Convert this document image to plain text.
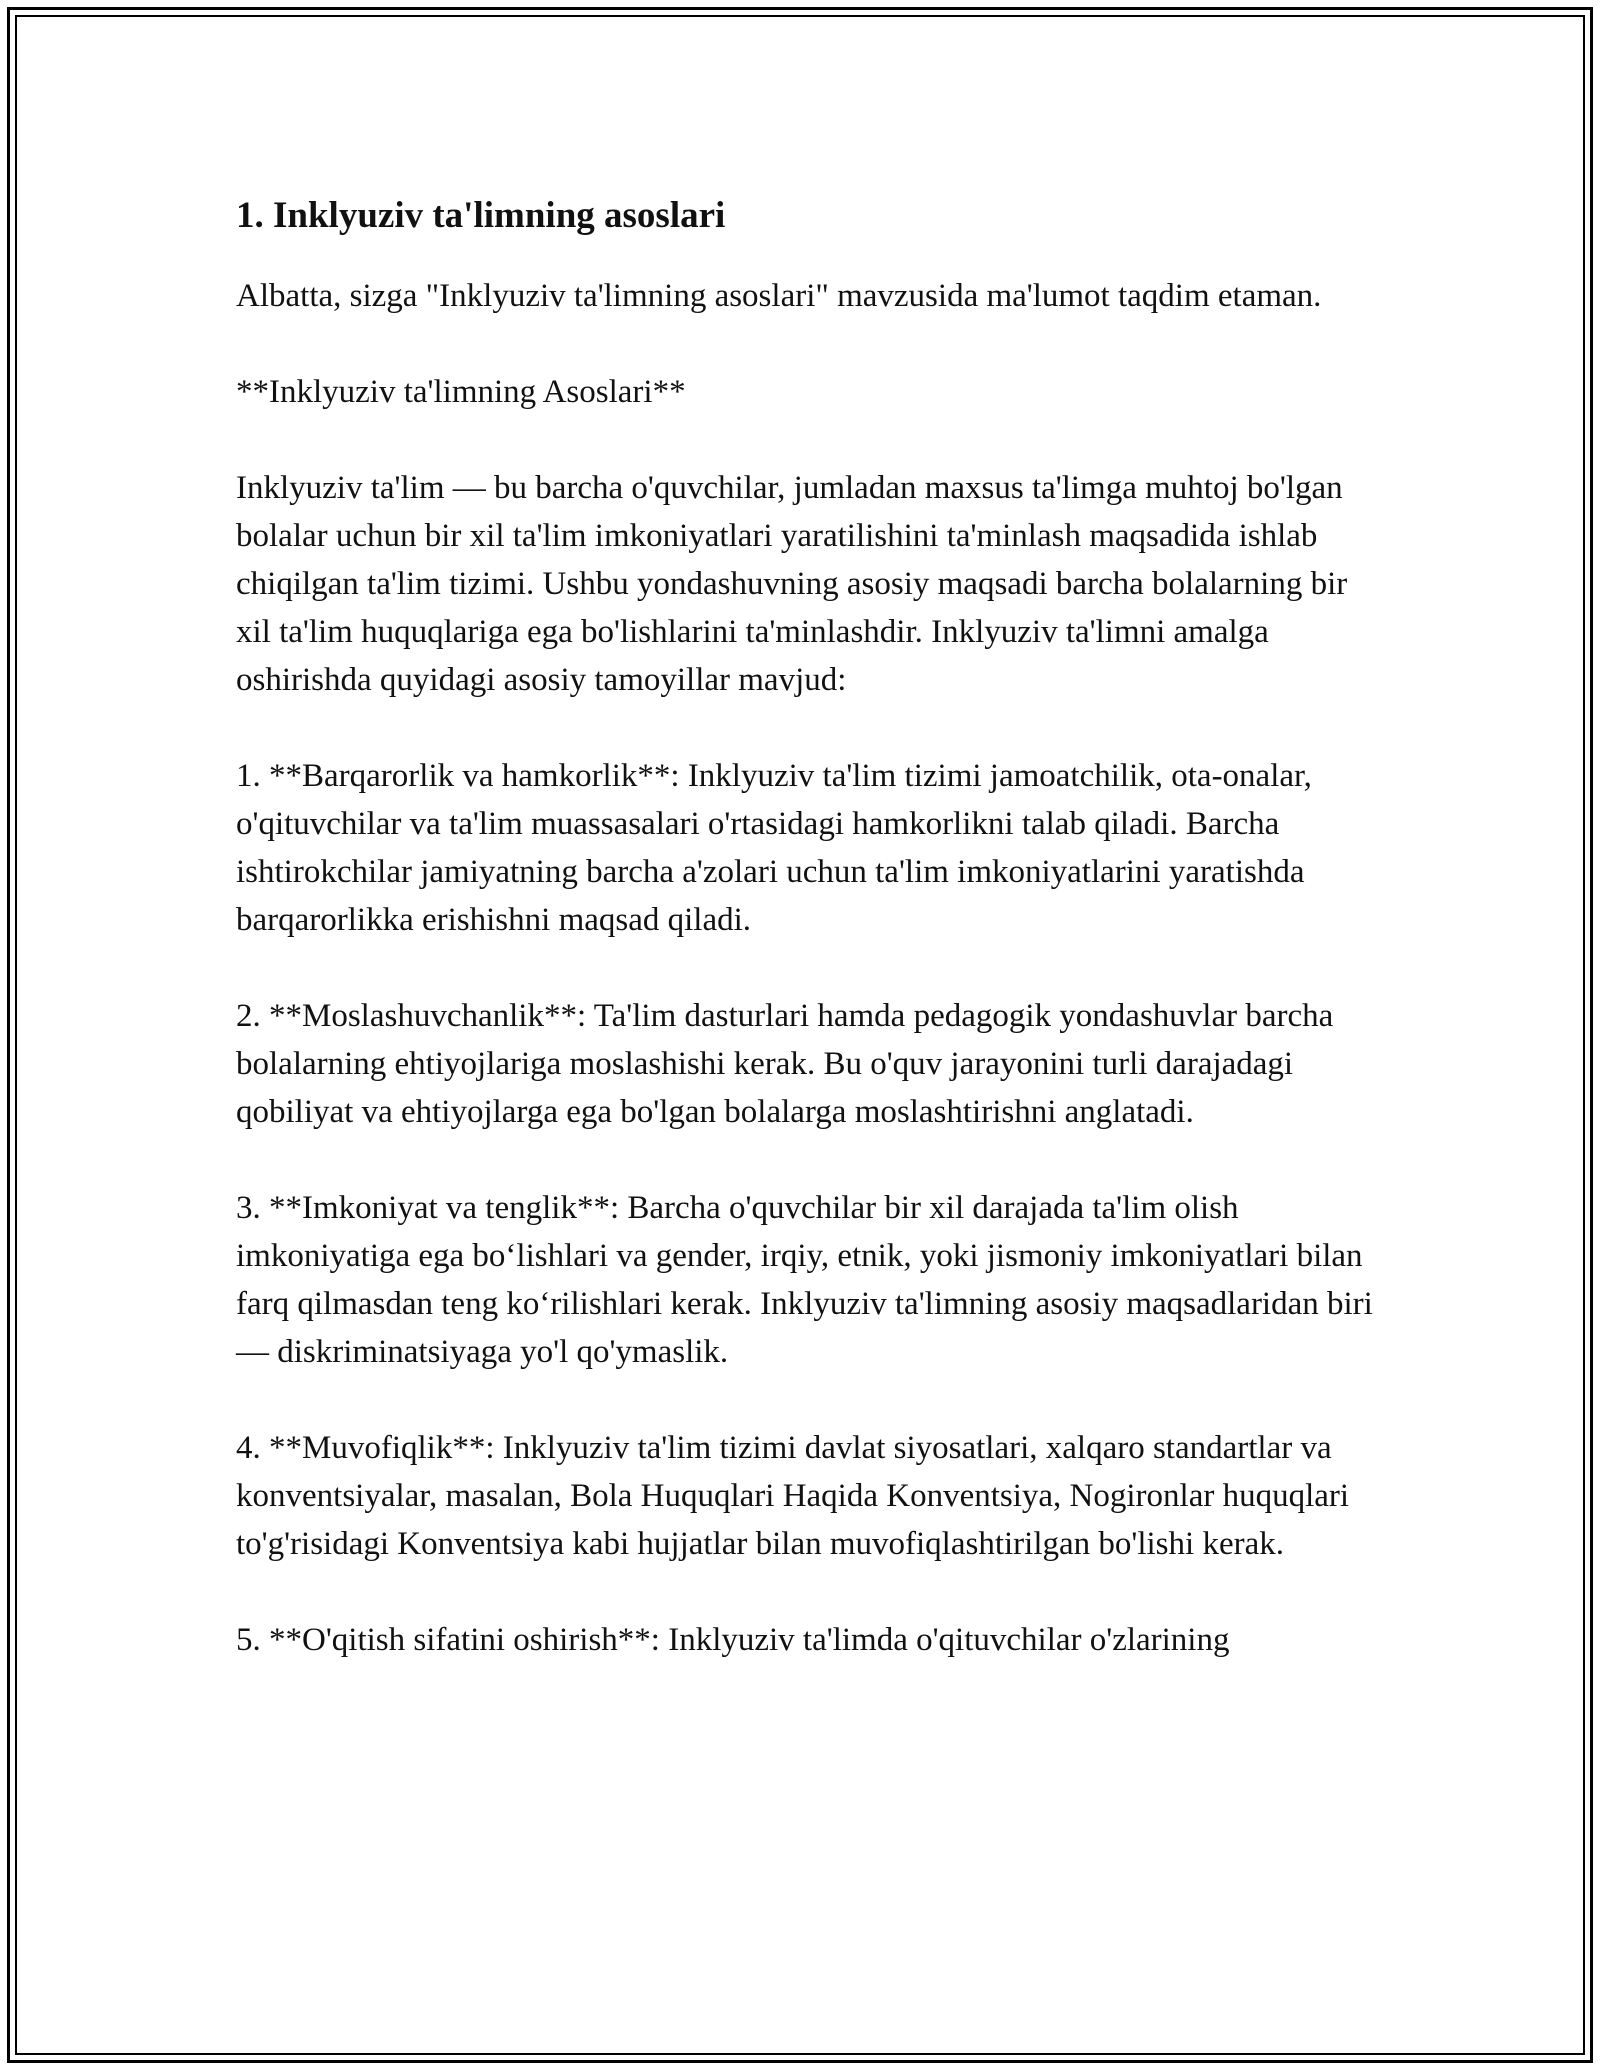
1. Inklyuziv ta'limning asoslari

Albatta, sizga "Inklyuziv ta'limning asoslari" mavzusida ma'lumot taqdim etaman.

**Inklyuziv ta'limning Asoslari**

Inklyuziv ta'lim — bu barcha o'quvchilar, jumladan maxsus ta'limga muhtoj bo'lgan bolalar uchun bir xil ta'lim imkoniyatlari yaratilishini ta'minlash maqsadida ishlab chiqilgan ta'lim tizimi. Ushbu yondashuvning asosiy maqsadi barcha bolalarning bir xil ta'lim huquqlariga ega bo'lishlarini ta'minlashdir. Inklyuziv ta'limni amalga oshirishda quyidagi asosiy tamoyillar mavjud:

1. **Barqarorlik va hamkorlik**: Inklyuziv ta'lim tizimi jamoatchilik, ota-onalar, o'qituvchilar va ta'lim muassasalari o'rtasidagi hamkorlikni talab qiladi. Barcha ishtirokchilar jamiyatning barcha a'zolari uchun ta'lim imkoniyatlarini yaratishda barqarorlikka erishishni maqsad qiladi.

2. **Moslashuvchanlik**: Ta'lim dasturlari hamda pedagogik yondashuvlar barcha bolalarning ehtiyojlariga moslashishi kerak. Bu o'quv jarayonini turli darajadagi qobiliyat va ehtiyojlarga ega bo'lgan bolalarga moslashtirishni anglatadi.

3. **Imkoniyat va tenglik**: Barcha o'quvchilar bir xil darajada ta'lim olish imkoniyatiga ega boʻlishlari va gender, irqiy, etnik, yoki jismoniy imkoniyatlari bilan farq qilmasdan teng koʻrilishlari kerak. Inklyuziv ta'limning asosiy maqsadlaridan biri — diskriminatsiyaga yo'l qo'ymaslik.

4. **Muvofiqlik**: Inklyuziv ta'lim tizimi davlat siyosatlari, xalqaro standartlar va konventsiyalar, masalan, Bola Huquqlari Haqida Konventsiya, Nogironlar huquqlari to'g'risidagi Konventsiya kabi hujjatlar bilan muvofiqlashtirilgan bo'lishi kerak.

5. **O'qitish sifatini oshirish**: Inklyuziv ta'limda o'qituvchilar o'zlarining
